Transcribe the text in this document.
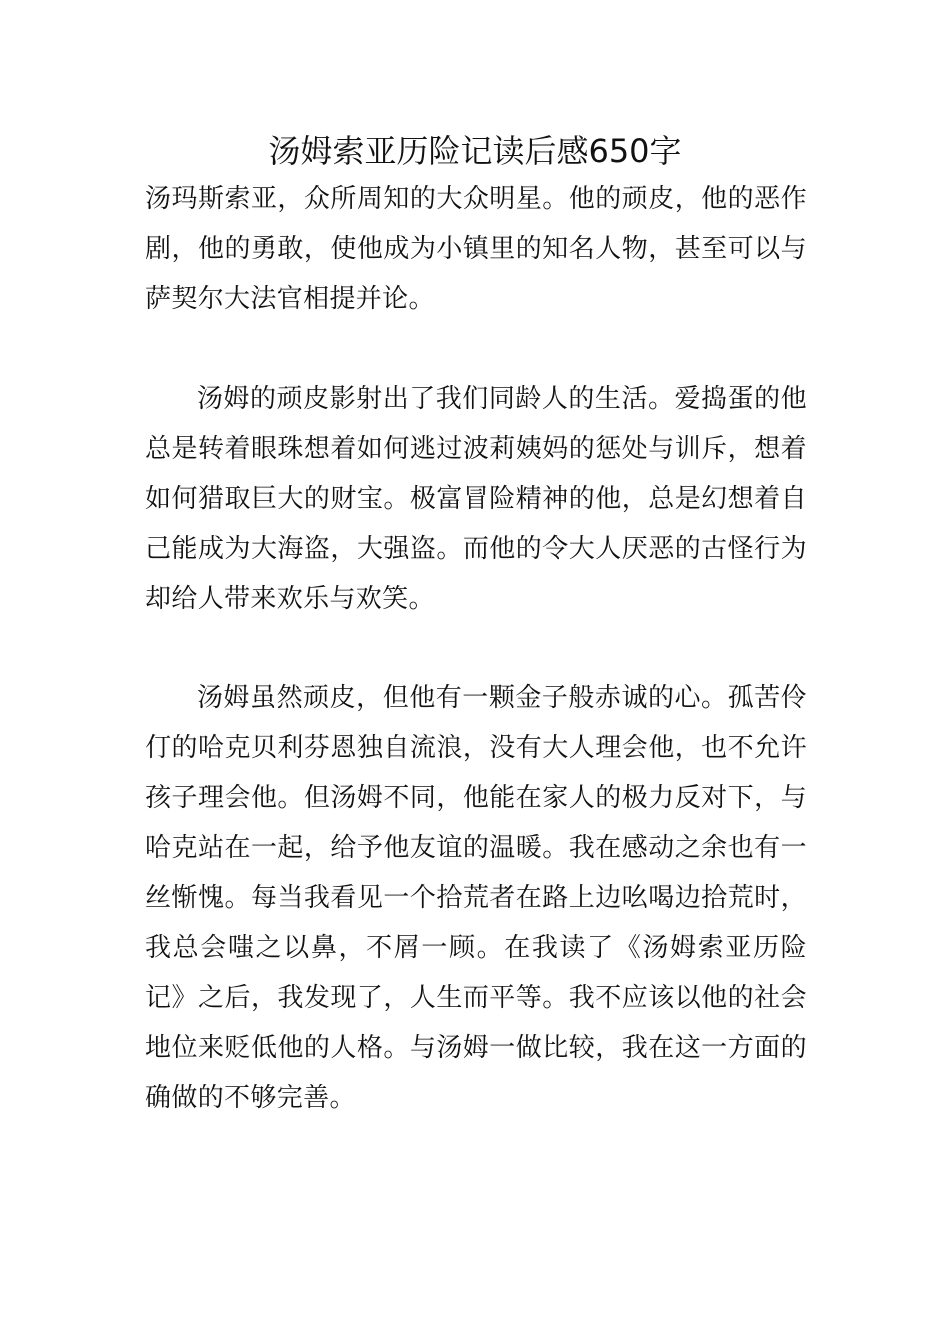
汤姆索亚历险记读后感650字

汤玛斯索亚，众所周知的大众明星。他的顽皮，他的恶作剧，他的勇敢，使他成为小镇里的知名人物，甚至可以与萨契尔大法官相提并论。

汤姆的顽皮影射出了我们同龄人的生活。爱捣蛋的他总是转着眼珠想着如何逃过波莉姨妈的惩处与训斥，想着如何猎取巨大的财宝。极富冒险精神的他，总是幻想着自己能成为大海盗，大强盗。而他的令大人厌恶的古怪行为却给人带来欢乐与欢笑。

汤姆虽然顽皮，但他有一颗金子般赤诚的心。孤苦伶仃的哈克贝利芬恩独自流浪，没有大人理会他，也不允许孩子理会他。但汤姆不同，他能在家人的极力反对下，与哈克站在一起，给予他友谊的温暖。我在感动之余也有一丝惭愧。每当我看见一个拾荒者在路上边吆喝边拾荒时，我总会嗤之以鼻，不屑一顾。在我读了《汤姆索亚历险记》之后，我发现了，人生而平等。我不应该以他的社会地位来贬低他的人格。与汤姆一做比较，我在这一方面的确做的不够完善。
